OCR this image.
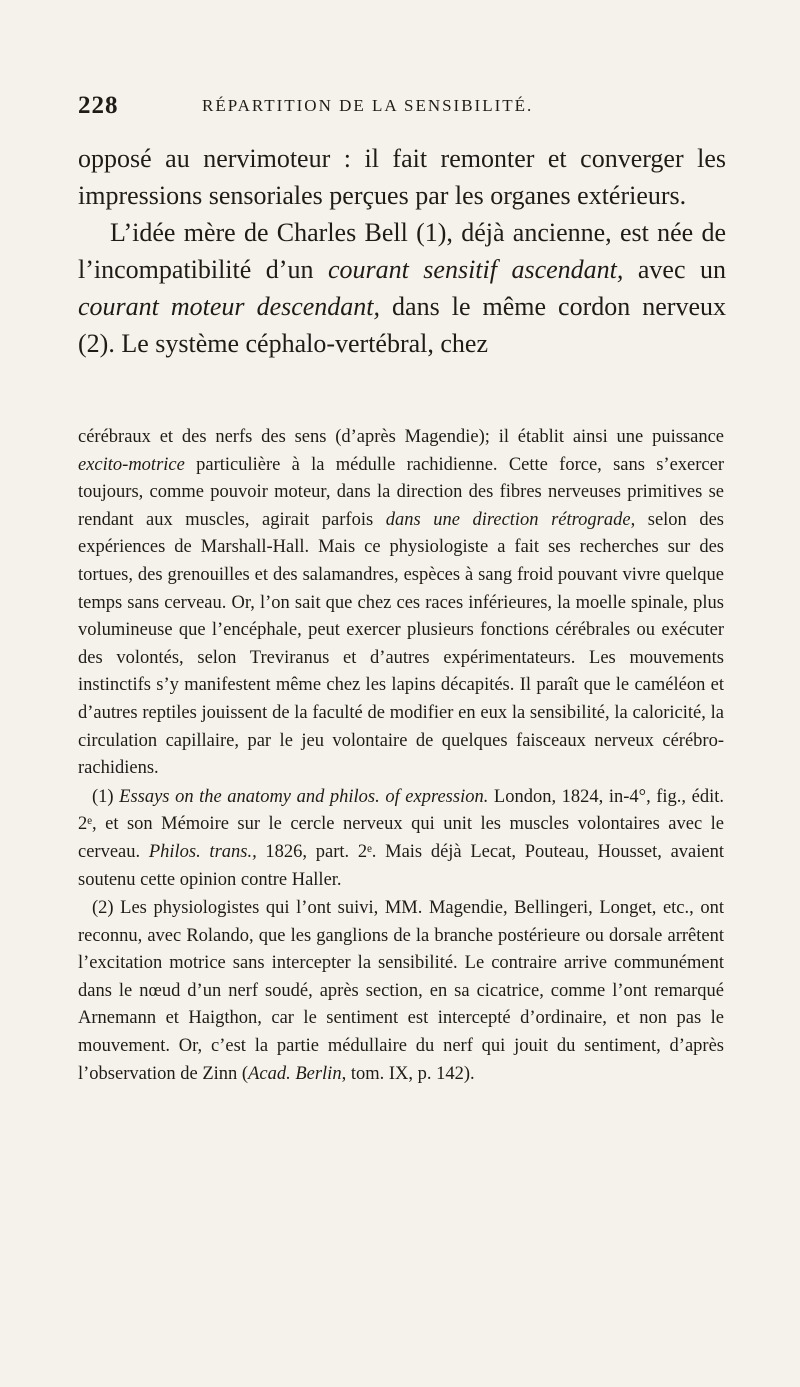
228	RÉPARTITION DE LA SENSIBILITÉ.

opposé au nervimoteur : il fait remonter et converger les impressions sensoriales perçues par les organes extérieurs.

L’idée mère de Charles Bell (1), déjà ancienne, est née de l’incompatibilité d’un courant sensitif ascendant, avec un courant moteur descendant, dans le même cordon nerveux (2). Le système céphalo-vertébral, chez

cérébraux et des nerfs des sens (d’après Magendie); il établit ainsi une puissance excito-motrice particulière à la médulle rachidienne. Cette force, sans s’exercer toujours, comme pouvoir moteur, dans la direction des fibres nerveuses primitives se rendant aux muscles, agirait parfois dans une direction rétrograde, selon des expériences de Marshall-Hall. Mais ce physiologiste a fait ses recherches sur des tortues, des grenouilles et des salamandres, espèces à sang froid pouvant vivre quelque temps sans cerveau. Or, l’on sait que chez ces races inférieures, la moelle spinale, plus volumineuse que l’encéphale, peut exercer plusieurs fonctions cérébrales ou exécuter des volontés, selon Treviranus et d’autres expérimentateurs. Les mouvements instinctifs s’y manifestent même chez les lapins décapités. Il paraît que le caméléon et d’autres reptiles jouissent de la faculté de modifier en eux la sensibilité, la caloricité, la circulation capillaire, par le jeu volontaire de quelques faisceaux nerveux cérébro-rachidiens.

(1) Essays on the anatomy and philos. of expression. London, 1824, in-4°, fig., édit. 2ᵉ, et son Mémoire sur le cercle nerveux qui unit les muscles volontaires avec le cerveau. Philos. trans., 1826, part. 2ᵉ. Mais déjà Lecat, Pouteau, Housset, avaient soutenu cette opinion contre Haller.

(2) Les physiologistes qui l’ont suivi, MM. Magendie, Bellingeri, Longet, etc., ont reconnu, avec Rolando, que les ganglions de la branche postérieure ou dorsale arrêtent l’excitation motrice sans intercepter la sensibilité. Le contraire arrive communément dans le nœud d’un nerf soudé, après section, en sa cicatrice, comme l’ont remarqué Arnemann et Haigthon, car le sentiment est intercepté d’ordinaire, et non pas le mouvement. Or, c’est la partie médullaire du nerf qui jouit du sentiment, d’après l’observation de Zinn (Acad. Berlin, tom. IX, p. 142).
